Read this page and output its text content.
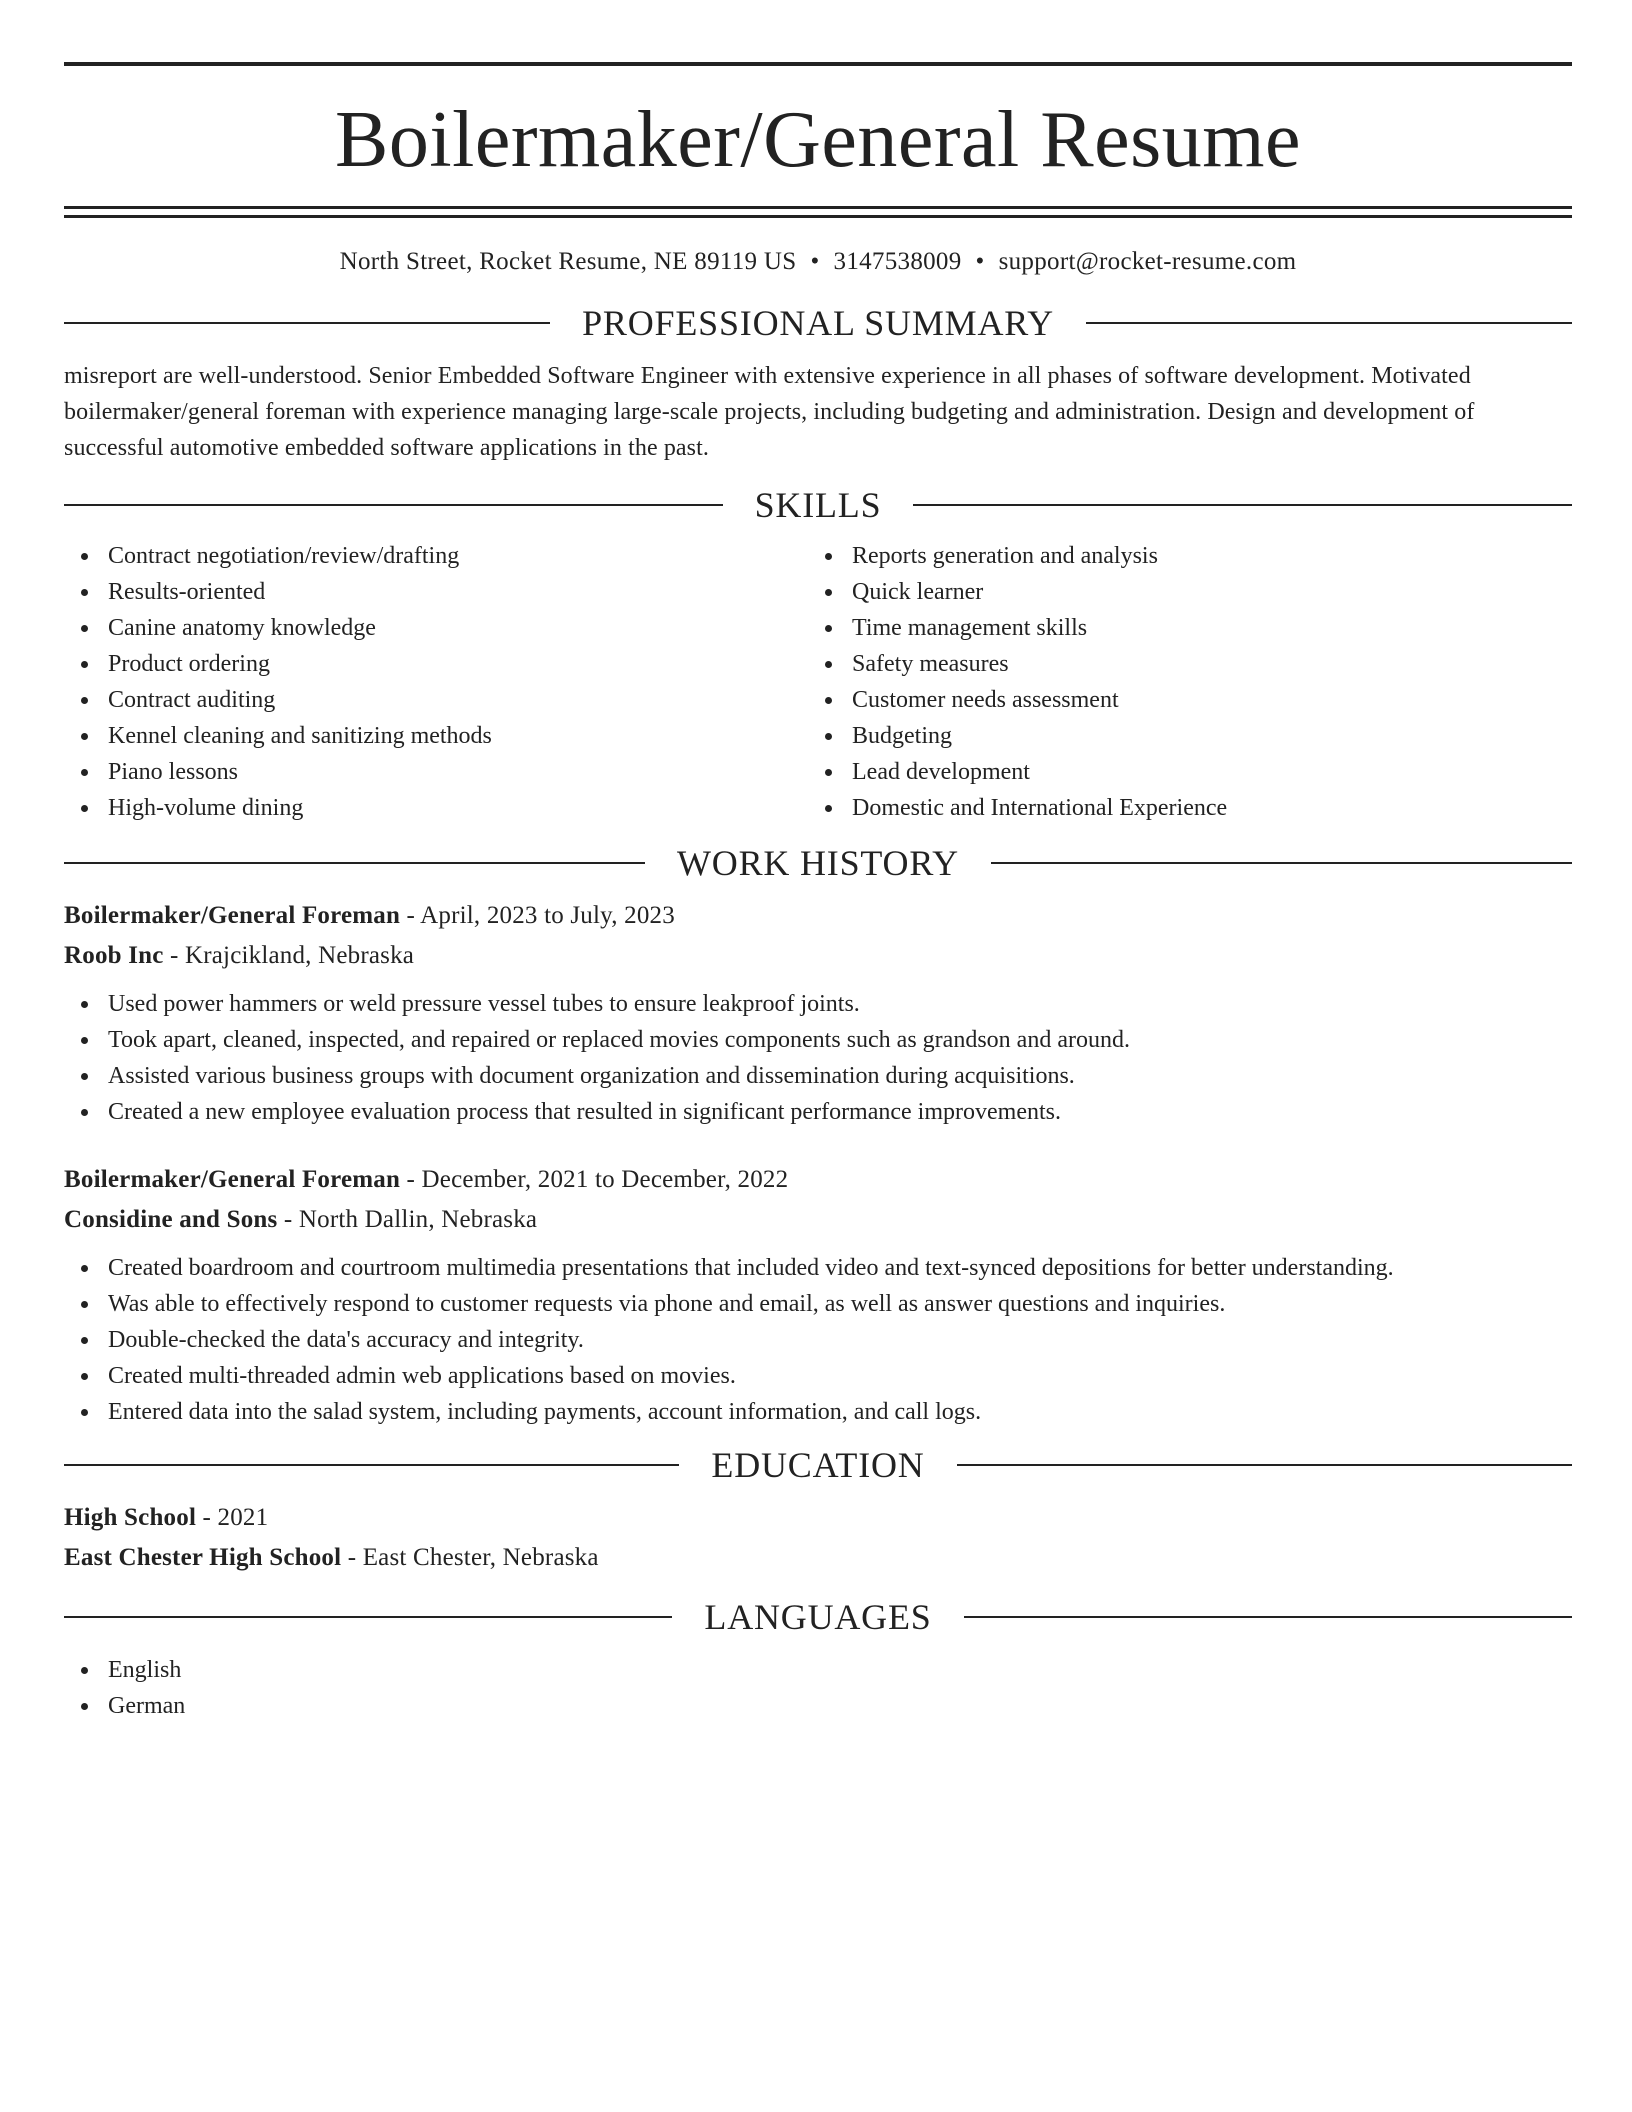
Boilermaker/General Resume
North Street, Rocket Resume, NE 89119 US • 3147538009 • support@rocket-resume.com
PROFESSIONAL SUMMARY
misreport are well-understood. Senior Embedded Software Engineer with extensive experience in all phases of software development. Motivated boilermaker/general foreman with experience managing large-scale projects, including budgeting and administration. Design and development of successful automotive embedded software applications in the past.
SKILLS
Contract negotiation/review/drafting
Results-oriented
Canine anatomy knowledge
Product ordering
Contract auditing
Kennel cleaning and sanitizing methods
Piano lessons
High-volume dining
Reports generation and analysis
Quick learner
Time management skills
Safety measures
Customer needs assessment
Budgeting
Lead development
Domestic and International Experience
WORK HISTORY
Boilermaker/General Foreman - April, 2023 to July, 2023
Roob Inc - Krajcikland, Nebraska
Used power hammers or weld pressure vessel tubes to ensure leakproof joints.
Took apart, cleaned, inspected, and repaired or replaced movies components such as grandson and around.
Assisted various business groups with document organization and dissemination during acquisitions.
Created a new employee evaluation process that resulted in significant performance improvements.
Boilermaker/General Foreman - December, 2021 to December, 2022
Considine and Sons - North Dallin, Nebraska
Created boardroom and courtroom multimedia presentations that included video and text-synced depositions for better understanding.
Was able to effectively respond to customer requests via phone and email, as well as answer questions and inquiries.
Double-checked the data's accuracy and integrity.
Created multi-threaded admin web applications based on movies.
Entered data into the salad system, including payments, account information, and call logs.
EDUCATION
High School - 2021
East Chester High School - East Chester, Nebraska
LANGUAGES
English
German
